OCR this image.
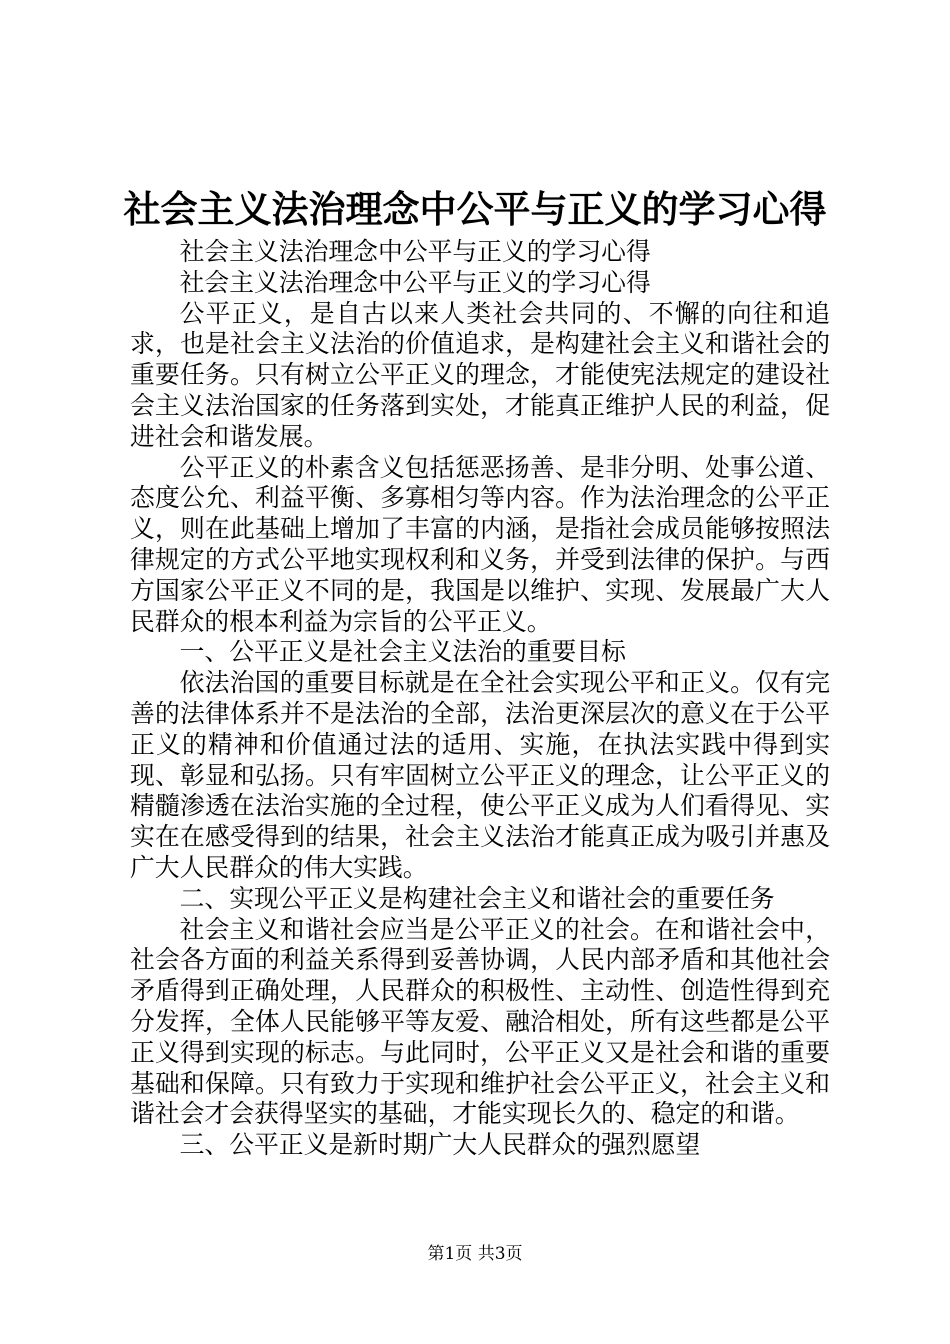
社会主义法治理念中公平与正义的学习心得

社会主义法治理念中公平与正义的学习心得

社会主义法治理念中公平与正义的学习心得

公平正义，是自古以来人类社会共同的、不懈的向往和追求，也是社会主义法治的价值追求，是构建社会主义和谐社会的重要任务。只有树立公平正义的理念，才能使宪法规定的建设社会主义法治国家的任务落到实处，才能真正维护人民的利益，促进社会和谐发展。

公平正义的朴素含义包括惩恶扬善、是非分明、处事公道、态度公允、利益平衡、多寡相匀等内容。作为法治理念的公平正义，则在此基础上增加了丰富的内涵，是指社会成员能够按照法律规定的方式公平地实现权利和义务，并受到法律的保护。与西方国家公平正义不同的是，我国是以维护、实现、发展最广大人民群众的根本利益为宗旨的公平正义。

一、公平正义是社会主义法治的重要目标

依法治国的重要目标就是在全社会实现公平和正义。仅有完善的法律体系并不是法治的全部，法治更深层次的意义在于公平正义的精神和价值通过法的适用、实施，在执法实践中得到实现、彰显和弘扬。只有牢固树立公平正义的理念，让公平正义的精髓渗透在法治实施的全过程，使公平正义成为人们看得见、实实在在感受得到的结果，社会主义法治才能真正成为吸引并惠及广大人民群众的伟大实践。

二、实现公平正义是构建社会主义和谐社会的重要任务

社会主义和谐社会应当是公平正义的社会。在和谐社会中，社会各方面的利益关系得到妥善协调，人民内部矛盾和其他社会矛盾得到正确处理，人民群众的积极性、主动性、创造性得到充分发挥，全体人民能够平等友爱、融洽相处，所有这些都是公平正义得到实现的标志。与此同时，公平正义又是社会和谐的重要基础和保障。只有致力于实现和维护社会公平正义，社会主义和谐社会才会获得坚实的基础，才能实现长久的、稳定的和谐。

三、公平正义是新时期广大人民群众的强烈愿望

第1页 共3页
